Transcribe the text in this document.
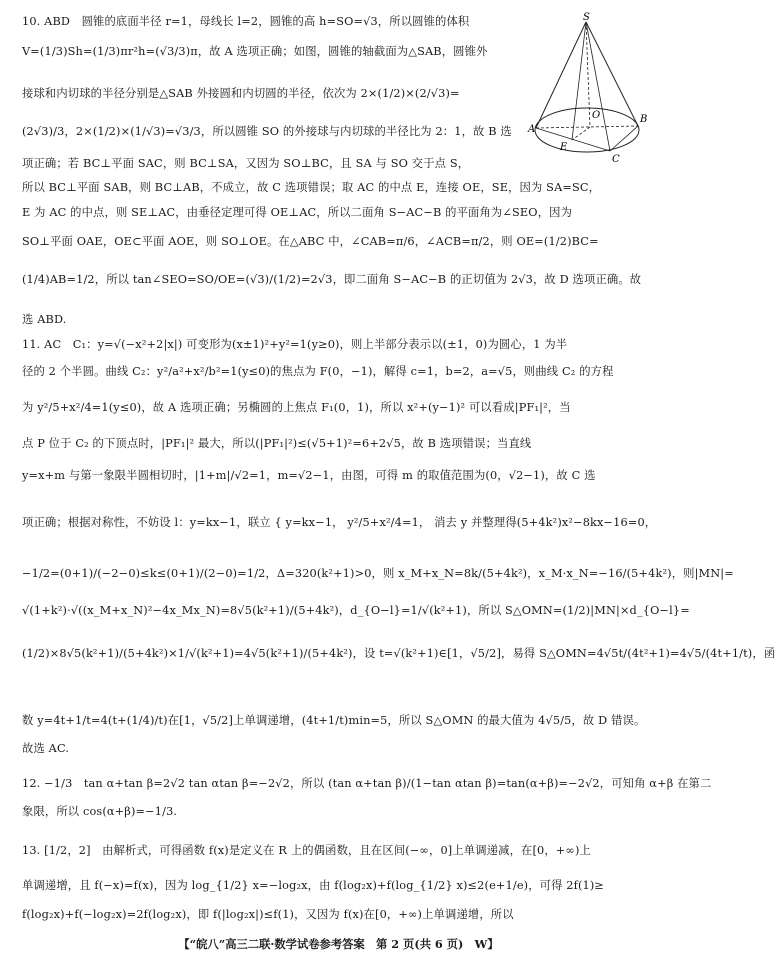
S
O
A
B
E
C
10. ABD　圆锥的底面半径 r=1，母线长 l=2，圆锥的高 h=SO=√3，所以圆锥的体积
V=(1/3)Sh=(1/3)πr²h=(√3/3)π，故 A 选项正确；如图，圆锥的轴截面为△SAB，圆锥外
接球和内切球的半径分别是△SAB 外接圆和内切圆的半径，依次为 2×(1/2)×(2/√3)=
(2√3)/3，2×(1/2)×(1/√3)=√3/3，所以圆锥 SO 的外接球与内切球的半径比为 2：1，故 B 选
项正确；若 BC⊥平面 SAC，则 BC⊥SA，又因为 SO⊥BC，且 SA 与 SO 交于点 S，
所以 BC⊥平面 SAB，则 BC⊥AB，不成立，故 C 选项错误；取 AC 的中点 E，连接 OE，SE，因为 SA=SC，
E 为 AC 的中点，则 SE⊥AC，由垂径定理可得 OE⊥AC，所以二面角 S−AC−B 的平面角为∠SEO，因为
SO⊥平面 OAE，OE⊂平面 AOE，则 SO⊥OE。在△ABC 中，∠CAB=π/6，∠ACB=π/2，则 OE=(1/2)BC=
(1/4)AB=1/2，所以 tan∠SEO=SO/OE=(√3)/(1/2)=2√3，即二面角 S−AC−B 的正切值为 2√3，故 D 选项正确。故
选 ABD.
11. AC　C₁：y=√(−x²+2|x|) 可变形为(x±1)²+y²=1(y≥0)，则上半部分表示以(±1，0)为圆心，1 为半
径的 2 个半圆。曲线 C₂：y²/a²+x²/b²=1(y≤0)的焦点为 F(0，−1)，解得 c=1，b=2，a=√5，则曲线 C₂ 的方程
为 y²/5+x²/4=1(y≤0)，故 A 选项正确；另椭圆的上焦点 F₁(0，1)，所以 x²+(y−1)² 可以看成|PF₁|²，当
点 P 位于 C₂ 的下顶点时，|PF₁|² 最大，所以(|PF₁|²)≤(√5+1)²=6+2√5，故 B 选项错误；当直线
y=x+m 与第一象限半圆相切时，|1+m|/√2=1，m=√2−1，由图，可得 m 的取值范围为(0，√2−1)，故 C 选
项正确；根据对称性，不妨设 l：y=kx−1，联立 { y=kx−1， y²/5+x²/4=1， 消去 y 并整理得(5+4k²)x²−8kx−16=0，
−1/2=(0+1)/(−2−0)≤k≤(0+1)/(2−0)=1/2，Δ=320(k²+1)>0，则 x_M+x_N=8k/(5+4k²)，x_M·x_N=−16/(5+4k²)，则|MN|=
√(1+k²)·√((x_M+x_N)²−4x_Mx_N)=8√5(k²+1)/(5+4k²)，d_{O−l}=1/√(k²+1)，所以 S△OMN=(1/2)|MN|×d_{O−l}=
(1/2)×8√5(k²+1)/(5+4k²)×1/√(k²+1)=4√5(k²+1)/(5+4k²)，设 t=√(k²+1)∈[1，√5/2]，易得 S△OMN=4√5t/(4t²+1)=4√5/(4t+1/t)，函
数 y=4t+1/t=4(t+(1/4)/t)在[1，√5/2]上单调递增，(4t+1/t)min=5，所以 S△OMN 的最大值为 4√5/5，故 D 错误。
故选 AC.
12. −1/3　tan α+tan β=2√2 tan αtan β=−2√2，所以 (tan α+tan β)/(1−tan αtan β)=tan(α+β)=−2√2，可知角 α+β 在第二
象限，所以 cos(α+β)=−1/3.
13. [1/2，2]　由解析式，可得函数 f(x)是定义在 R 上的偶函数，且在区间(−∞，0]上单调递减，在[0，+∞)上
单调递增，且 f(−x)=f(x)，因为 log_{1/2} x=−log₂x，由 f(log₂x)+f(log_{1/2} x)≤2(e+1/e)，可得 2f(1)≥
f(log₂x)+f(−log₂x)=2f(log₂x)，即 f(|log₂x|)≤f(1)，又因为 f(x)在[0，+∞)上单调递增，所以
【“皖八”高三二联·数学试卷参考答案　第 2 页(共 6 页)　W】
